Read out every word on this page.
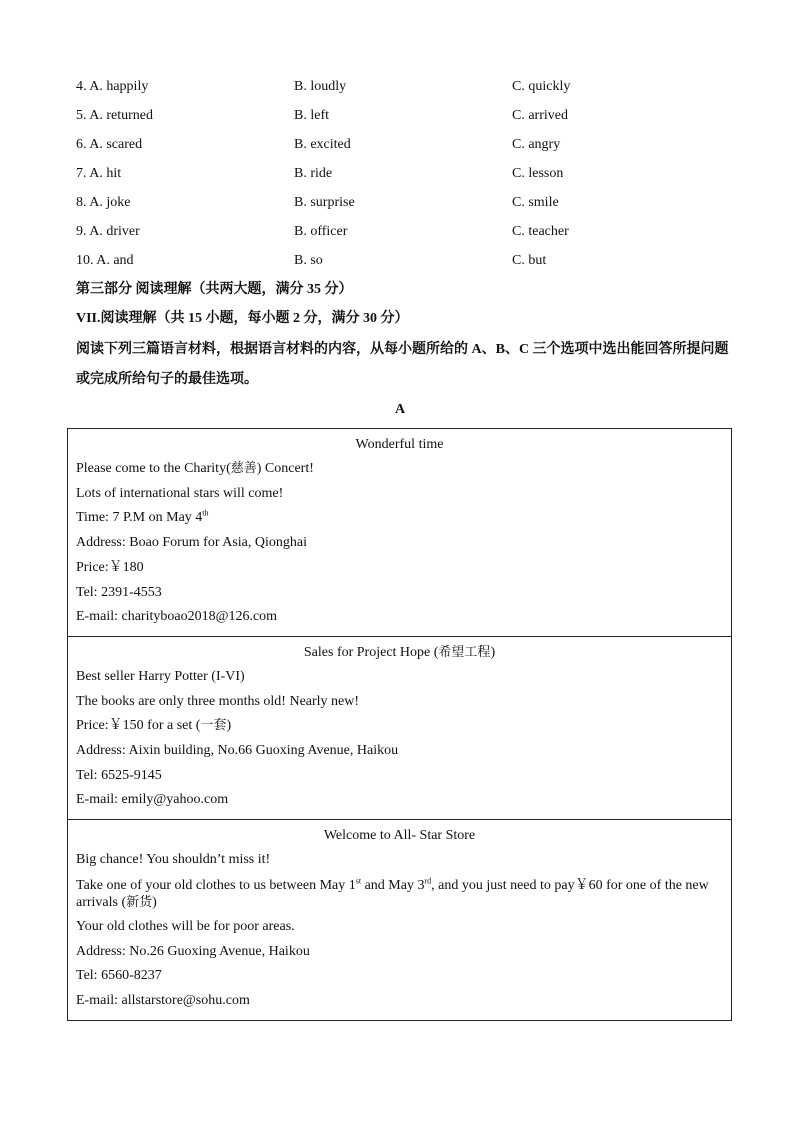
4. A. happily	B. loudly	C. quickly
5. A. returned	B. left	C. arrived
6. A. scared	B. excited	C. angry
7. A. hit	B. ride	C. lesson
8. A. joke	B. surprise	C. smile
9. A. driver	B. officer	C. teacher
10. A. and	B. so	C. but
第三部分 阅读理解（共两大题，满分 35 分）
VII.阅读理解（共 15 小题，每小题 2 分，满分 30 分）
阅读下列三篇语言材料，根据语言材料的内容，从每小题所给的 A、B、C 三个选项中选出能回答所提问题或完成所给句子的最佳选项。
A
Wonderful time
Please come to the Charity(慈善) Concert!
Lots of international stars will come!
Time: 7 P.M on May 4th
Address: Boao Forum for Asia, Qionghai
Price:￥180
Tel: 2391-4553
E-mail: charityboao2018@126.com
Sales for Project Hope (希望工程)
Best seller Harry Potter (I-VI)
The books are only three months old! Nearly new!
Price:￥150 for a set (一套)
Address: Aixin building, No.66 Guoxing Avenue, Haikou
Tel: 6525-9145
E-mail: emily@yahoo.com
Welcome to All- Star Store
Big chance! You shouldn’t miss it!
Take one of your old clothes to us between May 1st and May 3rd, and you just need to pay￥60 for one of the new arrivals (新货)
Your old clothes will be for poor areas.
Address: No.26 Guoxing Avenue, Haikou
Tel: 6560-8237
E-mail: allstarstore@sohu.com
